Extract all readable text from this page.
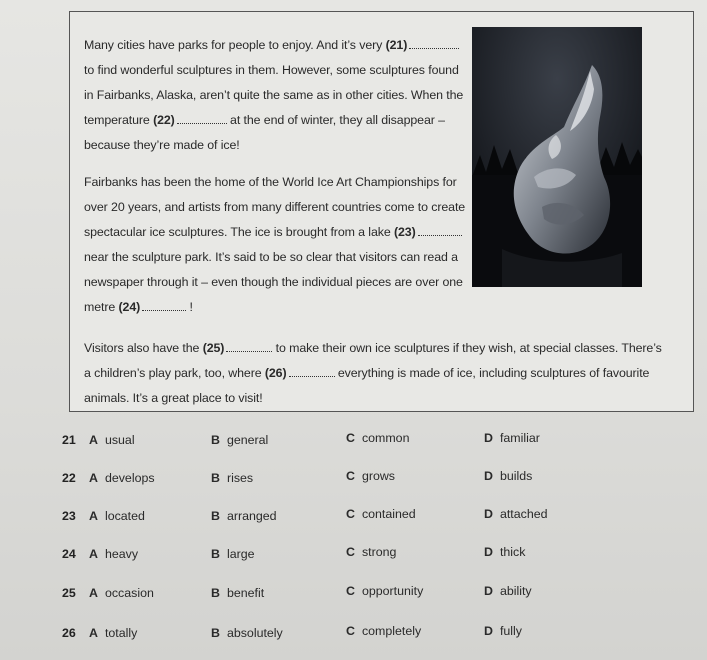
Many cities have parks for people to enjoy. And it’s very (21)
to find wonderful sculptures in them. However, some sculptures found
in Fairbanks, Alaska, aren’t quite the same as in other cities. When the
temperature (22)	at the end of winter, they all disappear –
because they’re made of ice!
Fairbanks has been the home of the World Ice Art Championships for
over 20 years, and artists from many different countries come to create
spectacular ice sculptures. The ice is brought from a lake (23)
near the sculpture park. It’s said to be so clear that visitors can read a
newspaper through it – even though the individual pieces are over one
metre (24)	!
Visitors also have the (25)	to make their own ice sculptures if they wish, at special classes. There’s
a children’s play park, too, where (26)	everything is made of ice, including sculptures of favourite
animals. It’s a great place to visit!
21 A usual	B general	C common	D familiar
22 A develops	B rises	C grows	D builds
23 A located	B arranged	C contained	D attached
24 A heavy	B large	C strong	D thick
25 A occasion	B benefit	C opportunity	D ability
26 A totally	B absolutely	C completely	D fully
